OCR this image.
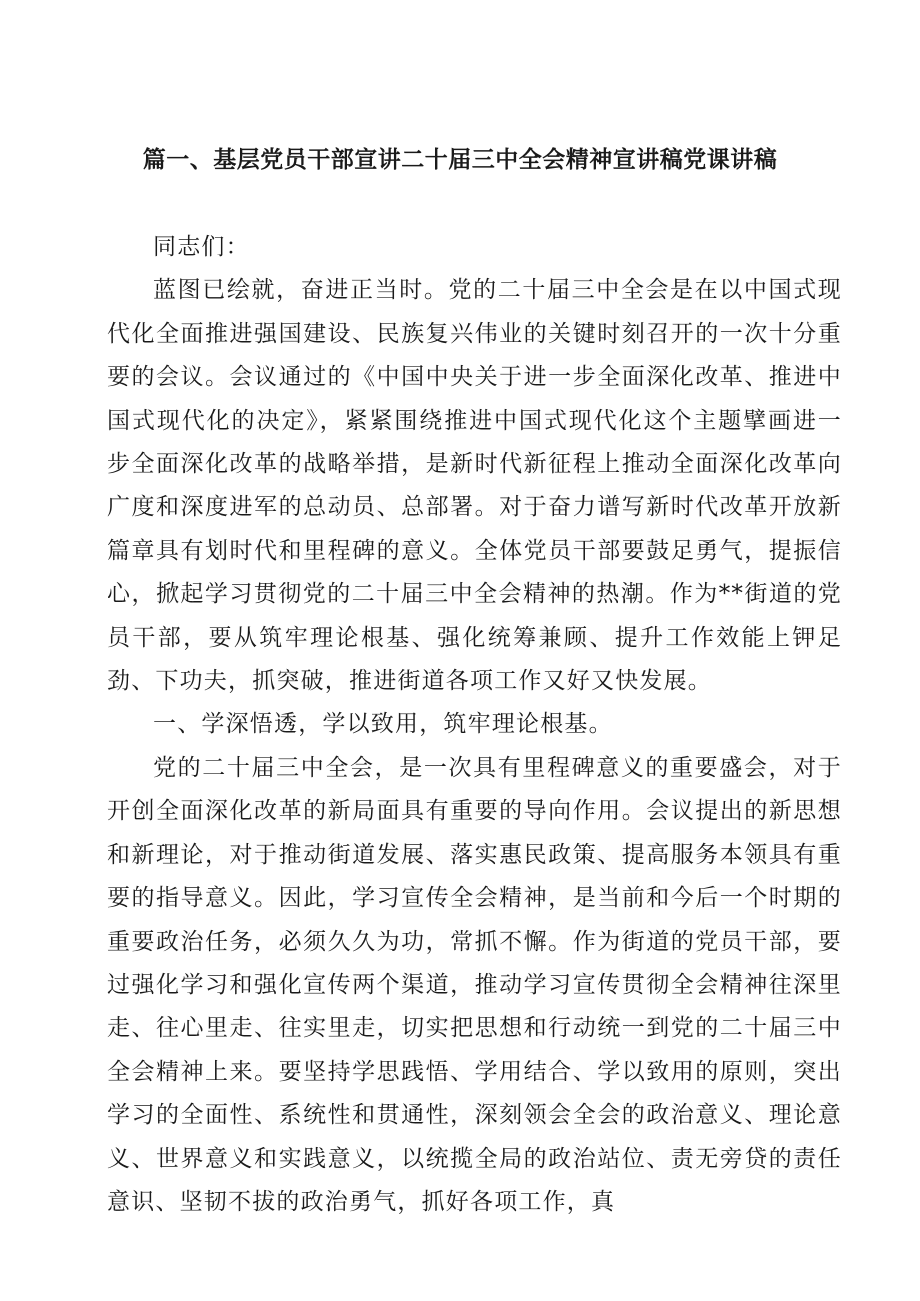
篇一、基层党员干部宣讲二十届三中全会精神宣讲稿党课讲稿

同志们：

蓝图已绘就，奋进正当时。党的二十届三中全会是在以中国式现代化全面推进强国建设、民族复兴伟业的关键时刻召开的一次十分重要的会议。会议通过的《中国中央关于进一步全面深化改革、推进中国式现代化的决定》，紧紧围绕推进中国式现代化这个主题擘画进一步全面深化改革的战略举措，是新时代新征程上推动全面深化改革向广度和深度进军的总动员、总部署。对于奋力谱写新时代改革开放新篇章具有划时代和里程碑的意义。全体党员干部要鼓足勇气，提振信心，掀起学习贯彻党的二十届三中全会精神的热潮。作为**街道的党员干部，要从筑牢理论根基、强化统筹兼顾、提升工作效能上钾足劲、下功夫，抓突破，推进街道各项工作又好又快发展。

一、学深悟透，学以致用，筑牢理论根基。

党的二十届三中全会，是一次具有里程碑意义的重要盛会，对于开创全面深化改革的新局面具有重要的导向作用。会议提出的新思想和新理论，对于推动街道发展、落实惠民政策、提高服务本领具有重要的指导意义。因此，学习宣传全会精神，是当前和今后一个时期的重要政治任务，必须久久为功，常抓不懈。作为街道的党员干部，要过强化学习和强化宣传两个渠道，推动学习宣传贯彻全会精神往深里走、往心里走、往实里走，切实把思想和行动统一到党的二十届三中全会精神上来。要坚持学思践悟、学用结合、学以致用的原则，突出学习的全面性、系统性和贯通性，深刻领会全会的政治意义、理论意义、世界意义和实践意义，以统揽全局的政治站位、责无旁贷的责任意识、坚韧不拔的政治勇气，抓好各项工作，真
